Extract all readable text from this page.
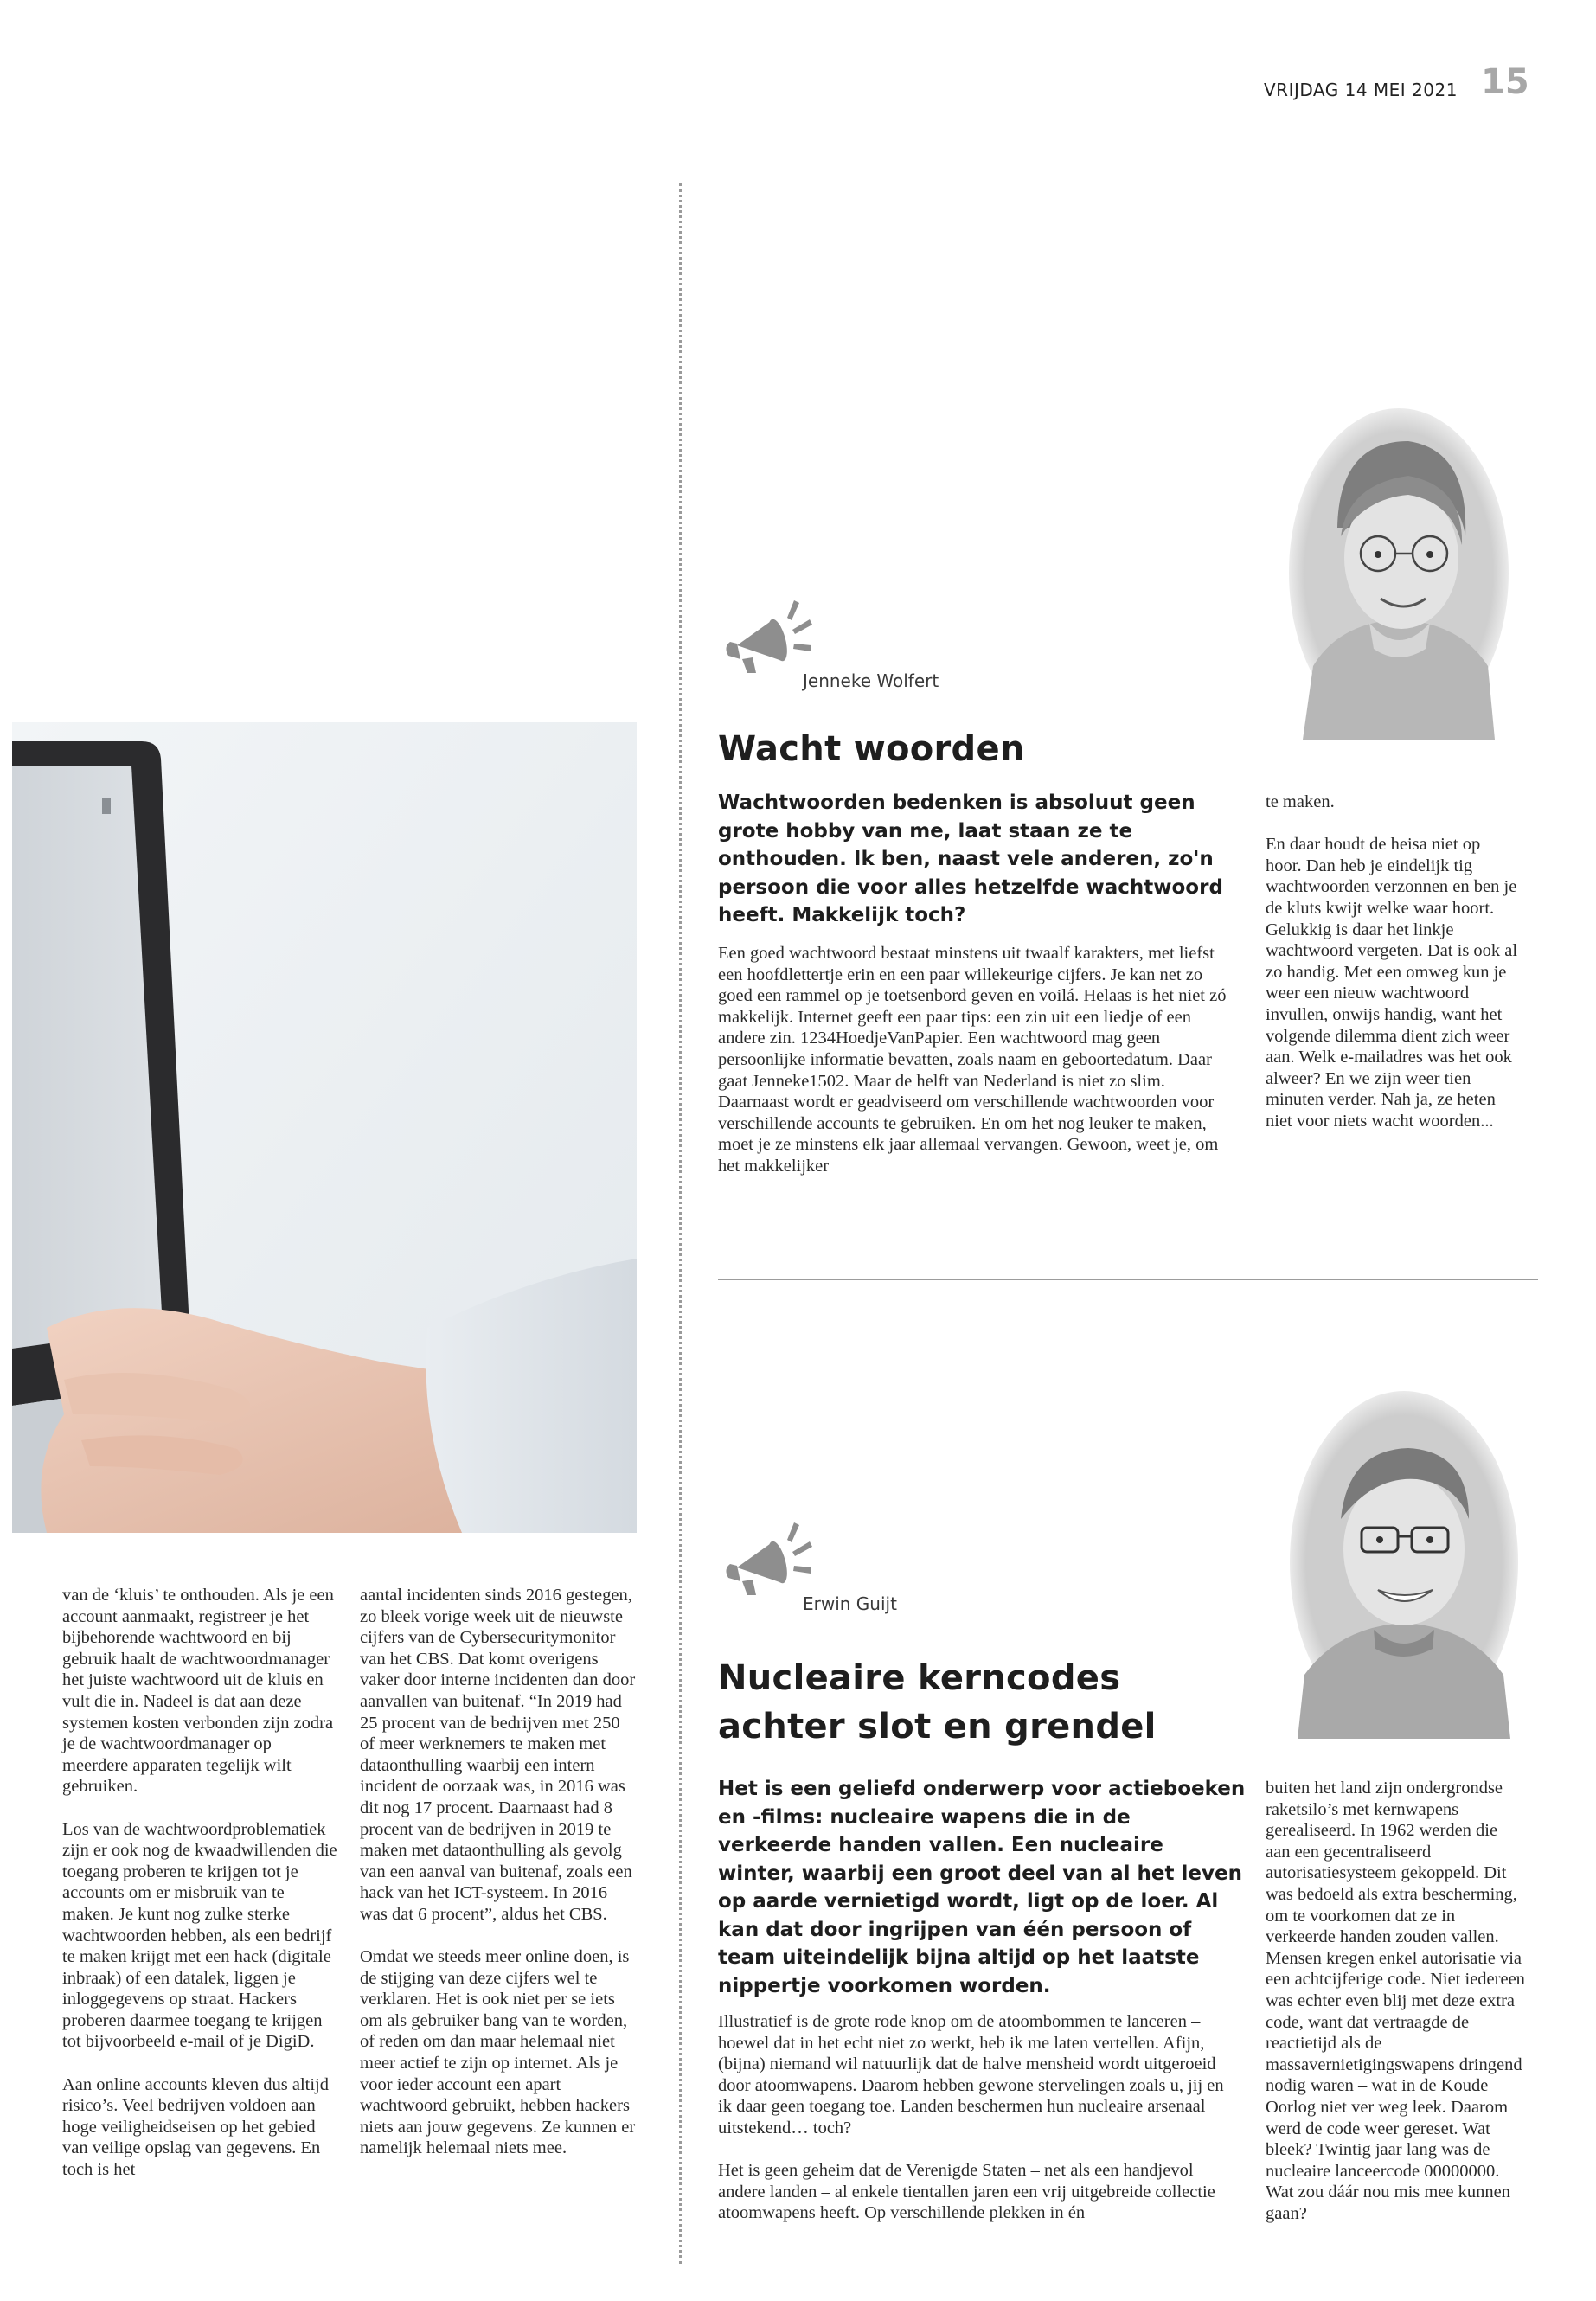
VRIJDAG 14 MEI 2021 15

van de ‘kluis’ te onthouden. Als je een account aanmaakt, registreer je het bijbehorende wachtwoord en bij gebruik haalt de wachtwoordmanager het juiste wachtwoord uit de kluis en vult die in. Nadeel is dat aan deze systemen kosten verbonden zijn zodra je de wachtwoordmanager op meerdere apparaten tegelijk wilt gebruiken.

Los van de wachtwoordproblematiek zijn er ook nog de kwaadwillenden die toegang proberen te krijgen tot je accounts om er misbruik van te maken. Je kunt nog zulke sterke wachtwoorden hebben, als een bedrijf te maken krijgt met een hack (digitale inbraak) of een datalek, liggen je inloggegevens op straat. Hackers proberen daarmee toegang te krijgen tot bijvoorbeeld e-mail of je DigiD.

Aan online accounts kleven dus altijd risico’s. Veel bedrijven voldoen aan hoge veiligheidseisen op het gebied van veilige opslag van gegevens. En toch is het

aantal incidenten sinds 2016 gestegen, zo bleek vorige week uit de nieuwste cijfers van de Cybersecuritymonitor van het CBS. Dat komt overigens vaker door interne incidenten dan door aanvallen van buitenaf. “In 2019 had 25 procent van de bedrijven met 250 of meer werknemers te maken met dataonthulling waarbij een intern incident de oorzaak was, in 2016 was dit nog 17 procent. Daarnaast had 8 procent van de bedrijven in 2019 te maken met dataonthulling als gevolg van een aanval van buitenaf, zoals een hack van het ICT-systeem. In 2016 was dat 6 procent”, aldus het CBS.

Omdat we steeds meer online doen, is de stijging van deze cijfers wel te verklaren. Het is ook niet per se iets om als gebruiker bang van te worden, of reden om dan maar helemaal niet meer actief te zijn op internet. Als je voor ieder account een apart wachtwoord gebruikt, hebben hackers niets aan jouw gegevens. Ze kunnen er namelijk helemaal niets mee.

Jenneke Wolfert
Wacht woorden
Wachtwoorden bedenken is absoluut geen grote hobby van me, laat staan ze te onthouden. Ik ben, naast vele anderen, zo'n persoon die voor alles hetzelfde wachtwoord heeft. Makkelijk toch?
Een goed wachtwoord bestaat minstens uit twaalf karakters, met liefst een hoofdlettertje erin en een paar willekeurige cijfers. Je kan net zo goed een rammel op je toetsenbord geven en voilá. Helaas is het niet zó makkelijk. Internet geeft een paar tips: een zin uit een liedje of een andere zin. 1234HoedjeVanPapier. Een wachtwoord mag geen persoonlijke informatie bevatten, zoals naam en geboortedatum. Daar gaat Jenneke1502. Maar de helft van Nederland is niet zo slim. Daarnaast wordt er geadviseerd om verschillende wachtwoorden voor verschillende accounts te gebruiken. En om het nog leuker te maken, moet je ze minstens elk jaar allemaal vervangen. Gewoon, weet je, om het makkelijker

te maken.

En daar houdt de heisa niet op hoor. Dan heb je eindelijk tig wachtwoorden verzonnen en ben je de kluts kwijt welke waar hoort. Gelukkig is daar het linkje wachtwoord vergeten. Dat is ook al zo handig. Met een omweg kun je weer een nieuw wachtwoord invullen, onwijs handig, want het volgende dilemma dient zich weer aan. Welk e-mailadres was het ook alweer? En we zijn weer tien minuten verder. Nah ja, ze heten niet voor niets wacht woorden...

Erwin Guijt
Nucleaire kerncodes
achter slot en grendel
Het is een geliefd onderwerp voor actieboeken en -films: nucleaire wapens die in de verkeerde handen vallen. Een nucleaire winter, waarbij een groot deel van al het leven op aarde vernietigd wordt, ligt op de loer. Al kan dat door ingrijpen van één persoon of team uiteindelijk bijna altijd op het laatste nippertje voorkomen worden.

Illustratief is de grote rode knop om de atoombommen te lanceren – hoewel dat in het echt niet zo werkt, heb ik me laten vertellen. Afijn, (bijna) niemand wil natuurlijk dat de halve mensheid wordt uitgeroeid door atoomwapens. Daarom hebben gewone stervelingen zoals u, jij en ik daar geen toegang toe. Landen beschermen hun nucleaire arsenaal uitstekend… toch?

Het is geen geheim dat de Verenigde Staten – net als een handjevol andere landen – al enkele tientallen jaren een vrij uitgebreide collectie atoomwapens heeft. Op verschillende plekken in én

buiten het land zijn ondergrondse raketsilo’s met kernwapens gerealiseerd. In 1962 werden die aan een gecentraliseerd autorisatiesysteem gekoppeld. Dit was bedoeld als extra bescherming, om te voorkomen dat ze in verkeerde handen zouden vallen. Mensen kregen enkel autorisatie via een achtcijferige code. Niet iedereen was echter even blij met deze extra code, want dat vertraagde de reactietijd als de massavernietigingswapens dringend nodig waren – wat in de Koude Oorlog niet ver weg leek. Daarom werd de code weer gereset. Wat bleek? Twintig jaar lang was de nucleaire lanceercode 00000000. Wat zou dáár nou mis mee kunnen gaan?
